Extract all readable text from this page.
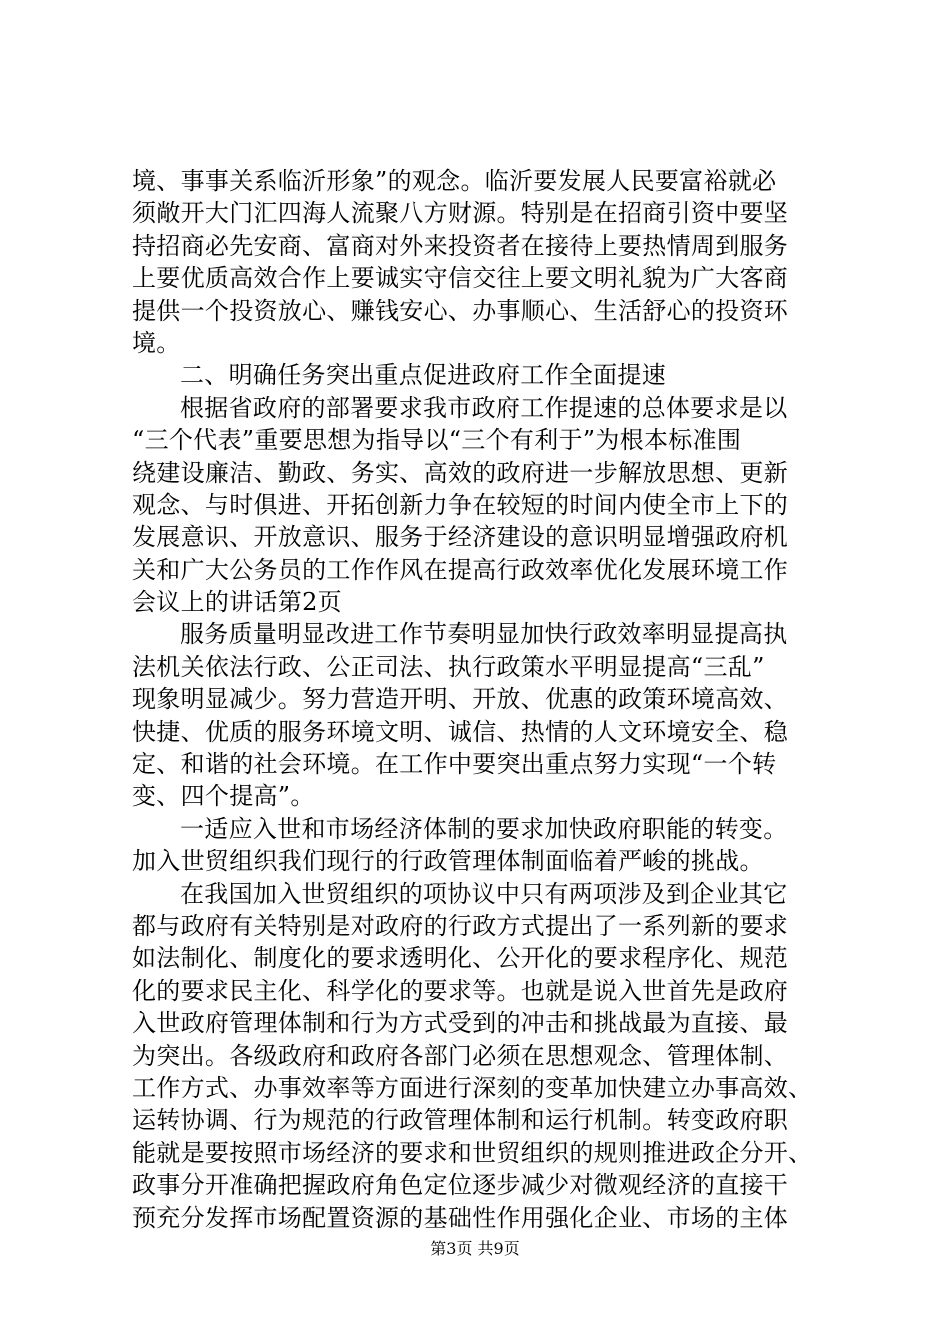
境、事事关系临沂形象”的观念。临沂要发展人民要富裕就必
须敞开大门汇四海人流聚八方财源。特别是在招商引资中要坚
持招商必先安商、富商对外来投资者在接待上要热情周到服务
上要优质高效合作上要诚实守信交往上要文明礼貌为广大客商
提供一个投资放心、赚钱安心、办事顺心、生活舒心的投资环
境。
二、明确任务突出重点促进政府工作全面提速
根据省政府的部署要求我市政府工作提速的总体要求是以
“三个代表”重要思想为指导以“三个有利于”为根本标准围
绕建设廉洁、勤政、务实、高效的政府进一步解放思想、更新
观念、与时俱进、开拓创新力争在较短的时间内使全市上下的
发展意识、开放意识、服务于经济建设的意识明显增强政府机
关和广大公务员的工作作风在提高行政效率优化发展环境工作
会议上的讲话第2页
服务质量明显改进工作节奏明显加快行政效率明显提高执
法机关依法行政、公正司法、执行政策水平明显提高“三乱”
现象明显减少。努力营造开明、开放、优惠的政策环境高效、
快捷、优质的服务环境文明、诚信、热情的人文环境安全、稳
定、和谐的社会环境。在工作中要突出重点努力实现“一个转
变、四个提高”。
一适应入世和市场经济体制的要求加快政府职能的转变。
加入世贸组织我们现行的行政管理体制面临着严峻的挑战。
在我国加入世贸组织的项协议中只有两项涉及到企业其它
都与政府有关特别是对政府的行政方式提出了一系列新的要求
如法制化、制度化的要求透明化、公开化的要求程序化、规范
化的要求民主化、科学化的要求等。也就是说入世首先是政府
入世政府管理体制和行为方式受到的冲击和挑战最为直接、最
为突出。各级政府和政府各部门必须在思想观念、管理体制、
工作方式、办事效率等方面进行深刻的变革加快建立办事高效、
运转协调、行为规范的行政管理体制和运行机制。转变政府职
能就是要按照市场经济的要求和世贸组织的规则推进政企分开、
政事分开准确把握政府角色定位逐步减少对微观经济的直接干
预充分发挥市场配置资源的基础性作用强化企业、市场的主体
第3页 共9页
